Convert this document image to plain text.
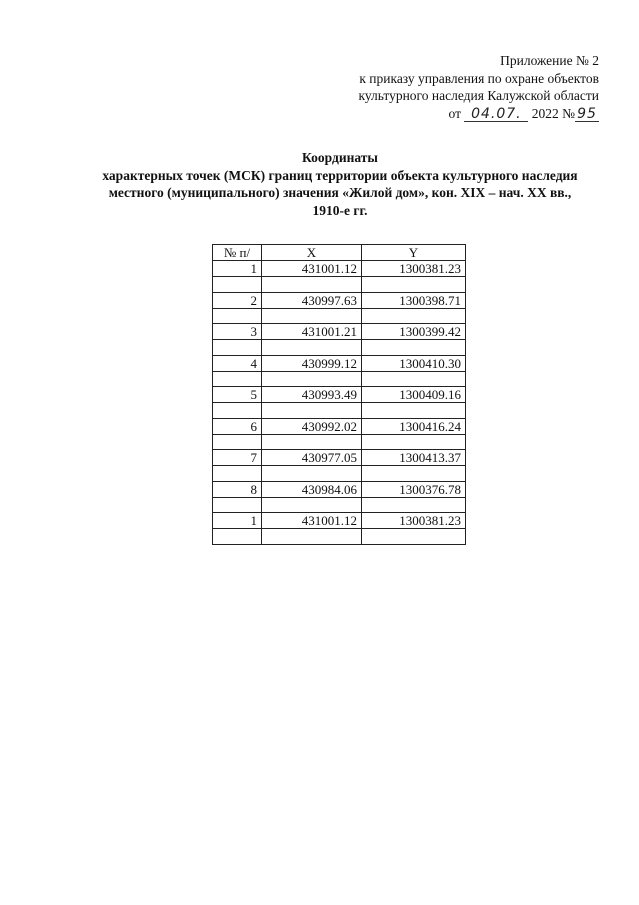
Приложение № 2
к приказу управления по охране объектов
культурного наследия Калужской области
от 04.07. 2022 № 95
Координаты
характерных точек (МСК) границ территории объекта культурного наследия
местного (муниципального) значения «Жилой дом», кон. XIX – нач. XX вв.,
1910-е гг.
№ п/	X	Y
1	431001.12	1300381.23

2	430997.63	1300398.71

3	431001.21	1300399.42

4	430999.12	1300410.30

5	430993.49	1300409.16

6	430992.02	1300416.24

7	430977.05	1300413.37

8	430984.06	1300376.78

1	431001.12	1300381.23
